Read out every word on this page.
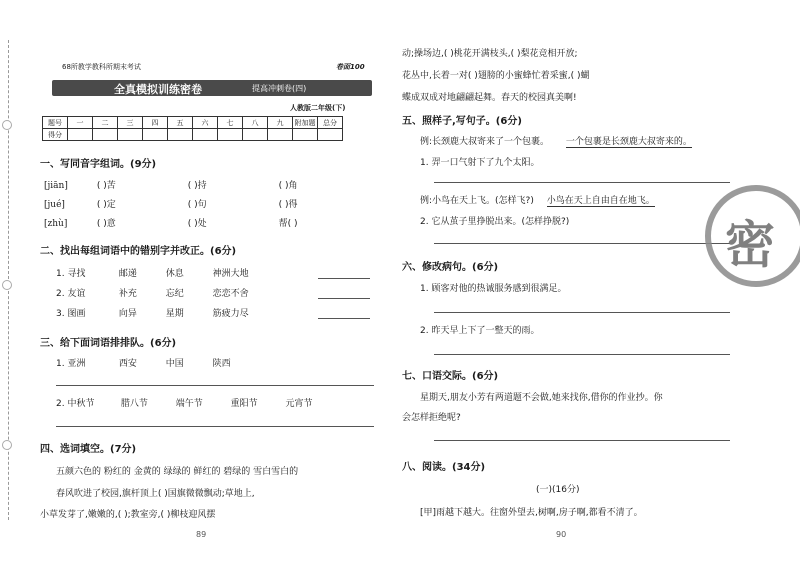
68所教学教科所期末考试	卷面100
全真模拟训练密卷	提高冲刺卷(四)
人教版二年级(下)
题号	一	二	三	四	五	六	七	八	九	附加题	总分
得分											
一、写同音字组词。(9分)
[jiān]	( )苦	( )持	( )角
[jué]	( )定	( )句	( )得
[zhù]	( )意	( )处	帮( )
二、找出每组词语中的错别字并改正。(6分)
1. 寻找	邮递	休息	神洲大地
2. 友谊	补充	忘纪	恋恋不舍
3. 图画	向异	星期	筋疲力尽
三、给下面词语排排队。(6分)
1. 亚洲	西安	中国	陕西
2. 中秋节	腊八节	端午节	重阳节	元宵节
四、选词填空。(7分)
五颜六色的 粉红的 金黄的 绿绿的 鲜红的 碧绿的 雪白雪白的
春风吹进了校园,旗杆顶上( )国旗微微飘动;草地上,
小草发芽了,嫩嫩的,( );教室旁,( )柳枝迎风摆
89
动;操场边,( )桃花开满枝头,( )梨花竞相开放;
花丛中,长着一对( )翅膀的小蜜蜂忙着采蜜,( )蝴
蝶成双成对地翩翩起舞。春天的校园真美啊!
五、照样子,写句子。(6分)
例:长颈鹿大叔寄来了一个包裹。 一个包裹是长颈鹿大叔寄来的。
1. 羿一口气射下了九个太阳。
例:小鸟在天上飞。(怎样飞?) 小鸟在天上自由自在地飞。
2. 它从茧子里挣脱出来。(怎样挣脱?)
六、修改病句。(6分)
1. 顾客对他的热诚服务感到很满足。
2. 昨天早上下了一整天的雨。
七、口语交际。(6分)
星期天,朋友小芳有两道题不会做,她来找你,借你的作业抄。你
会怎样拒绝呢?
八、阅读。(34分)
(一)(16分)
[甲]雨越下越大。往窗外望去,树啊,房子啊,都看不清了。
90
密
